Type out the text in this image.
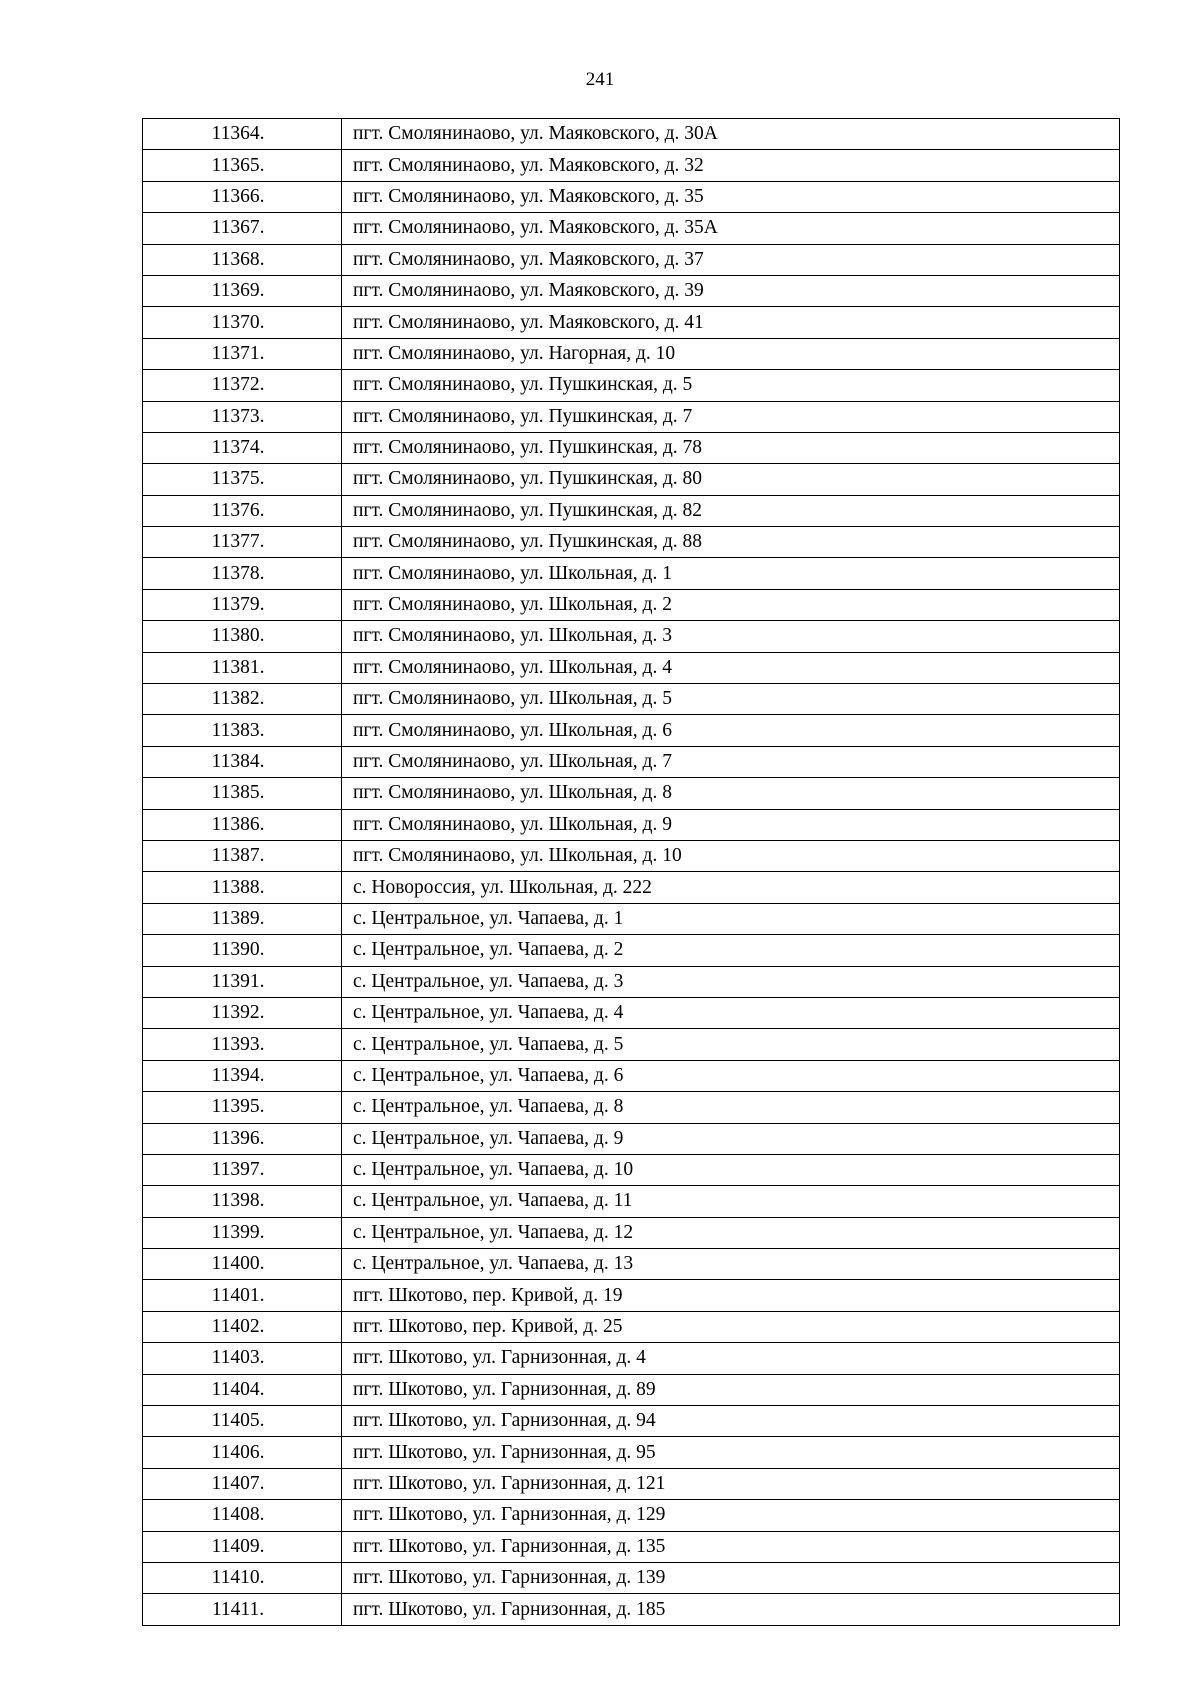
241
11364.	пгт. Смолянинаово, ул. Маяковского, д. 30А
11365.	пгт. Смолянинаово, ул. Маяковского, д. 32
11366.	пгт. Смолянинаово, ул. Маяковского, д. 35
11367.	пгт. Смолянинаово, ул. Маяковского, д. 35А
11368.	пгт. Смолянинаово, ул. Маяковского, д. 37
11369.	пгт. Смолянинаово, ул. Маяковского, д. 39
11370.	пгт. Смолянинаово, ул. Маяковского, д. 41
11371.	пгт. Смолянинаово, ул. Нагорная, д. 10
11372.	пгт. Смолянинаово, ул. Пушкинская, д. 5
11373.	пгт. Смолянинаово, ул. Пушкинская, д. 7
11374.	пгт. Смолянинаово, ул. Пушкинская, д. 78
11375.	пгт. Смолянинаово, ул. Пушкинская, д. 80
11376.	пгт. Смолянинаово, ул. Пушкинская, д. 82
11377.	пгт. Смолянинаово, ул. Пушкинская, д. 88
11378.	пгт. Смолянинаово, ул. Школьная, д. 1
11379.	пгт. Смолянинаово, ул. Школьная, д. 2
11380.	пгт. Смолянинаово, ул. Школьная, д. 3
11381.	пгт. Смолянинаово, ул. Школьная, д. 4
11382.	пгт. Смолянинаово, ул. Школьная, д. 5
11383.	пгт. Смолянинаово, ул. Школьная, д. 6
11384.	пгт. Смолянинаово, ул. Школьная, д. 7
11385.	пгт. Смолянинаово, ул. Школьная, д. 8
11386.	пгт. Смолянинаово, ул. Школьная, д. 9
11387.	пгт. Смолянинаово, ул. Школьная, д. 10
11388.	с. Новороссия, ул. Школьная, д. 222
11389.	с. Центральное, ул. Чапаева, д. 1
11390.	с. Центральное, ул. Чапаева, д. 2
11391.	с. Центральное, ул. Чапаева, д. 3
11392.	с. Центральное, ул. Чапаева, д. 4
11393.	с. Центральное, ул. Чапаева, д. 5
11394.	с. Центральное, ул. Чапаева, д. 6
11395.	с. Центральное, ул. Чапаева, д. 8
11396.	с. Центральное, ул. Чапаева, д. 9
11397.	с. Центральное, ул. Чапаева, д. 10
11398.	с. Центральное, ул. Чапаева, д. 11
11399.	с. Центральное, ул. Чапаева, д. 12
11400.	с. Центральное, ул. Чапаева, д. 13
11401.	пгт. Шкотово, пер. Кривой, д. 19
11402.	пгт. Шкотово, пер. Кривой, д. 25
11403.	пгт. Шкотово, ул. Гарнизонная, д. 4
11404.	пгт. Шкотово, ул. Гарнизонная, д. 89
11405.	пгт. Шкотово, ул. Гарнизонная, д. 94
11406.	пгт. Шкотово, ул. Гарнизонная, д. 95
11407.	пгт. Шкотово, ул. Гарнизонная, д. 121
11408.	пгт. Шкотово, ул. Гарнизонная, д. 129
11409.	пгт. Шкотово, ул. Гарнизонная, д. 135
11410.	пгт. Шкотово, ул. Гарнизонная, д. 139
11411.	пгт. Шкотово, ул. Гарнизонная, д. 185
